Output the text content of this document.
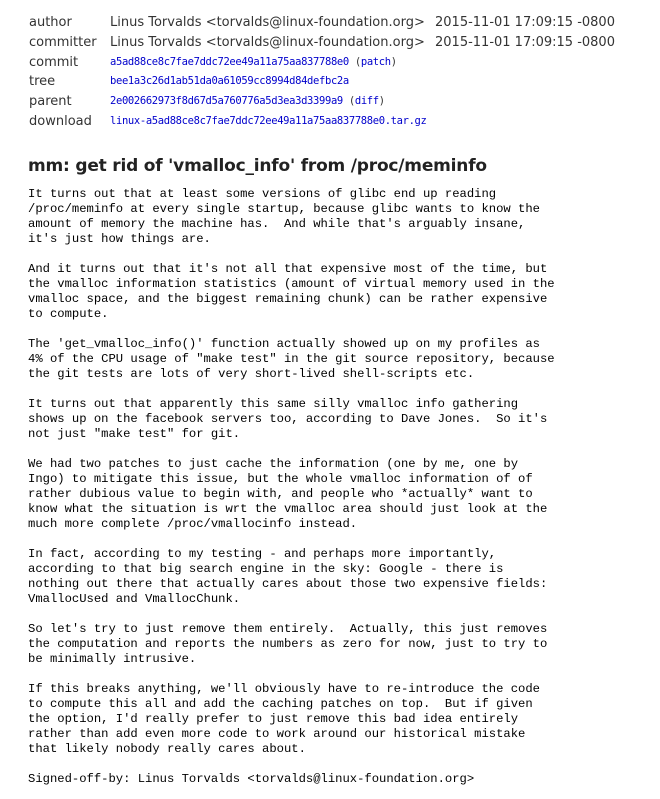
author	Linus Torvalds <torvalds@linux-foundation.org>	2015-11-01 17:09:15 -0800
committer	Linus Torvalds <torvalds@linux-foundation.org>	2015-11-01 17:09:15 -0800
commit	a5ad88ce8c7fae7ddc72ee49a11a75aa837788e0 (patch)	
tree	bee1a3c26d1ab51da0a61059cc8994d84defbc2a	
parent	2e002662973f8d67d5a760776a5d3ea3d3399a9 (diff)	
download	linux-a5ad88ce8c7fae7ddc72ee49a11a75aa837788e0.tar.gz	
mm: get rid of 'vmalloc_info' from /proc/meminfo
It turns out that at least some versions of glibc end up reading
/proc/meminfo at every single startup, because glibc wants to know the
amount of memory the machine has.  And while that's arguably insane,
it's just how things are.

And it turns out that it's not all that expensive most of the time, but
the vmalloc information statistics (amount of virtual memory used in the
vmalloc space, and the biggest remaining chunk) can be rather expensive
to compute.

The 'get_vmalloc_info()' function actually showed up on my profiles as
4% of the CPU usage of "make test" in the git source repository, because
the git tests are lots of very short-lived shell-scripts etc.

It turns out that apparently this same silly vmalloc info gathering
shows up on the facebook servers too, according to Dave Jones.  So it's
not just "make test" for git.

We had two patches to just cache the information (one by me, one by
Ingo) to mitigate this issue, but the whole vmalloc information of of
rather dubious value to begin with, and people who *actually* want to
know what the situation is wrt the vmalloc area should just look at the
much more complete /proc/vmallocinfo instead.

In fact, according to my testing - and perhaps more importantly,
according to that big search engine in the sky: Google - there is
nothing out there that actually cares about those two expensive fields:
VmallocUsed and VmallocChunk.

So let's try to just remove them entirely.  Actually, this just removes
the computation and reports the numbers as zero for now, just to try to
be minimally intrusive.

If this breaks anything, we'll obviously have to re-introduce the code
to compute this all and add the caching patches on top.  But if given
the option, I'd really prefer to just remove this bad idea entirely
rather than add even more code to work around our historical mistake
that likely nobody really cares about.

Signed-off-by: Linus Torvalds <torvalds@linux-foundation.org>
